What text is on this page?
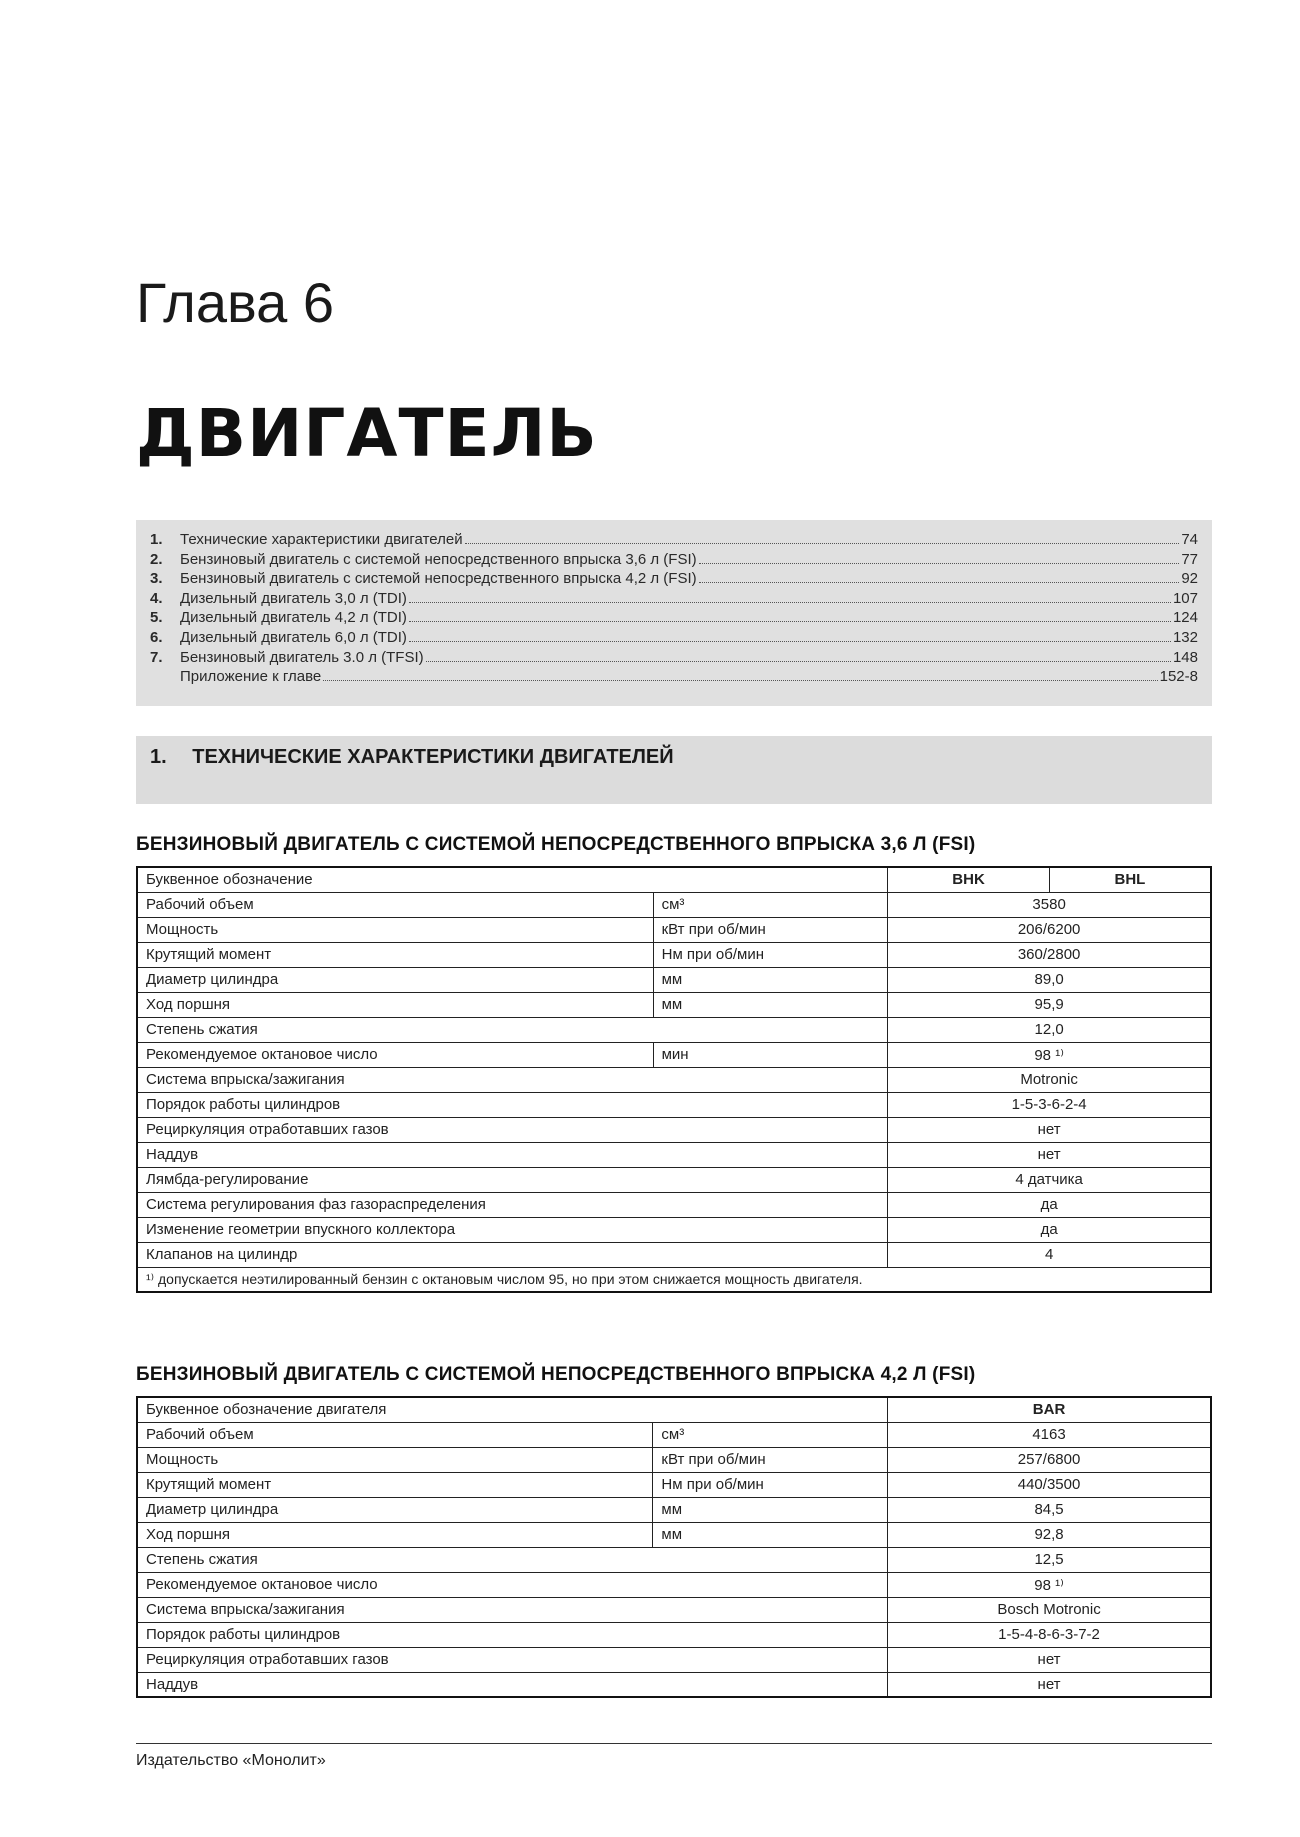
Глава 6
ДВИГАТЕЛЬ
1.	Технические характеристики двигателей	74
2.	Бензиновый двигатель с системой непосредственного впрыска 3,6 л (FSI)	77
3.	Бензиновый двигатель с системой непосредственного впрыска 4,2 л (FSI)	92
4.	Дизельный двигатель 3,0 л (TDI)	107
5.	Дизельный двигатель 4,2 л (TDI)	124
6.	Дизельный двигатель 6,0 л (TDI)	132
7.	Бензиновый двигатель 3.0 л (TFSI)	148
Приложение к главе	152-8
1. ТЕХНИЧЕСКИЕ ХАРАКТЕРИСТИКИ ДВИГАТЕЛЕЙ
БЕНЗИНОВЫЙ ДВИГАТЕЛЬ С СИСТЕМОЙ НЕПОСРЕДСТВЕННОГО ВПРЫСКА 3,6 Л (FSI)
Буквенное обозначение		BHK	BHL
Рабочий объем	см³	3580	
Мощность	кВт при об/мин	206/6200	
Крутящий момент	Нм при об/мин	360/2800	
Диаметр цилиндра	мм	89,0	
Ход поршня	мм	95,9	
Степень сжатия		12,0	
Рекомендуемое октановое число	мин	98 ¹⁾	
Система впрыска/зажигания		Motronic	
Порядок работы цилиндров		1-5-3-6-2-4	
Рециркуляция отработавших газов		нет	
Наддув		нет	
Лямбда-регулирование		4 датчика	
Система регулирования фаз газораспределения		да	
Изменение геометрии впускного коллектора		да	
Клапанов на цилиндр		4	
¹⁾ допускается неэтилированный бензин с октановым числом 95, но при этом снижается мощность двигателя.			
БЕНЗИНОВЫЙ ДВИГАТЕЛЬ С СИСТЕМОЙ НЕПОСРЕДСТВЕННОГО ВПРЫСКА 4,2 Л (FSI)
Буквенное обозначение двигателя		BAR
Рабочий объем	см³	4163
Мощность	кВт при об/мин	257/6800
Крутящий момент	Нм при об/мин	440/3500
Диаметр цилиндра	мм	84,5
Ход поршня	мм	92,8
Степень сжатия		12,5
Рекомендуемое октановое число		98 ¹⁾
Система впрыска/зажигания		Bosch Motronic
Порядок работы цилиндров		1-5-4-8-6-3-7-2
Рециркуляция отработавших газов		нет
Наддув		нет
Издательство «Монолит»
